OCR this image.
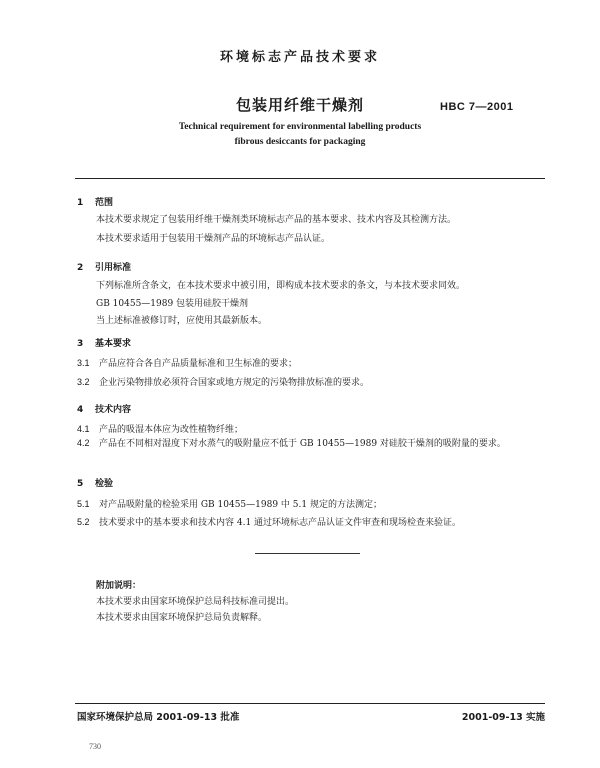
环境标志产品技术要求
包装用纤维干燥剂	HBC 7—2001
Technical requirement for environmental labelling products
fibrous desiccants for packaging
1 范围
本技术要求规定了包装用纤维干燥剂类环境标志产品的基本要求、技术内容及其检测方法。
本技术要求适用于包装用干燥剂产品的环境标志产品认证。
2 引用标准
下列标准所含条文，在本技术要求中被引用，即构成本技术要求的条文，与本技术要求同效。
GB 10455—1989 包装用硅胶干燥剂
当上述标准被修订时，应使用其最新版本。
3 基本要求
3.1 产品应符合各自产品质量标准和卫生标准的要求；
3.2 企业污染物排放必须符合国家或地方规定的污染物排放标准的要求。
4 技术内容
4.1 产品的吸湿本体应为改性植物纤维；
4.2 产品在不同相对湿度下对水蒸气的吸附量应不低于 GB 10455—1989 对硅胶干燥剂的吸附量的要求。
5 检验
5.1 对产品吸附量的检验采用 GB 10455—1989 中 5.1 规定的方法测定；
5.2 技术要求中的基本要求和技术内容 4.1 通过环境标志产品认证文件审查和现场检查来验证。
附加说明：
本技术要求由国家环境保护总局科技标准司提出。
本技术要求由国家环境保护总局负责解释。
国家环境保护总局 2001-09-13 批准	2001-09-13 实施
730
